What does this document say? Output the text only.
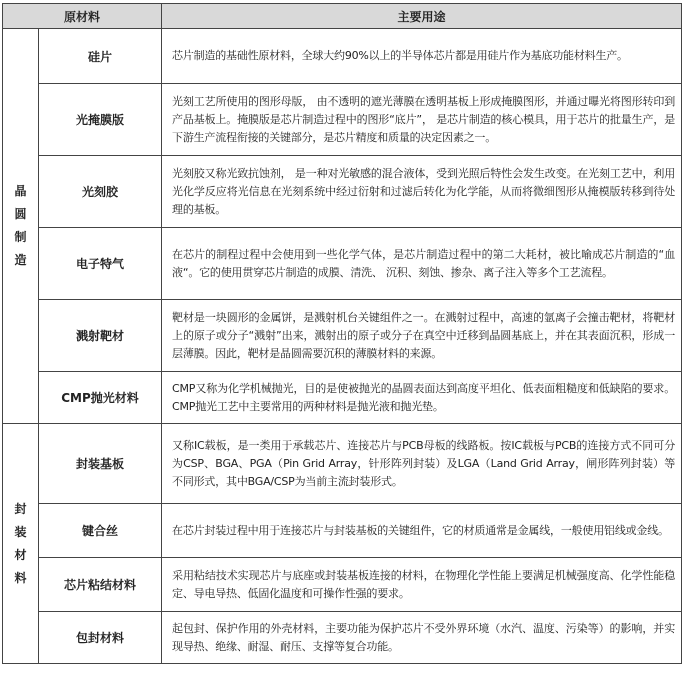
原材料		主要用途

晶
圆
制
造	硅片	芯片制造的基础性原材料，全球大约90%以上的半导体芯片都是用硅片作为基底功能材料生产。
	光掩膜版	光刻工艺所使用的图形母版， 由不透明的遮光薄膜在透明基板上形成掩膜图形，并通过曝光将图形转印到产品基板上。掩膜版是芯片制造过程中的图形“底片”， 是芯片制造的核心模具，用于芯片的批量生产，是下游生产流程衔接的关键部分，是芯片精度和质量的决定因素之一。
	光刻胶	光刻胶又称光致抗蚀剂， 是一种对光敏感的混合液体，受到光照后特性会发生改变。在光刻工艺中，利用光化学反应将光信息在光刻系统中经过衍射和过滤后转化为化学能，从而将微细图形从掩模版转移到待处理的基板。
	电子特气	在芯片的制程过程中会使用到一些化学气体，是芯片制造过程中的第二大耗材，被比喻成芯片制造的“血液“。它的使用贯穿芯片制造的成膜、清洗、 沉积、刻蚀、掺杂、离子注入等多个工艺流程。
	溅射靶材	靶材是一块圆形的金属饼，是溅射机台关键组件之一。在溅射过程中，高速的氩离子会撞击靶材，将靶材上的原子或分子“溅射”出来，溅射出的原子或分子在真空中迁移到晶圆基底上，并在其表面沉积，形成一层薄膜。因此，靶材是晶圆需要沉积的薄膜材料的来源。
	CMP抛光材料	CMP又称为化学机械抛光，目的是使被抛光的晶圆表面达到高度平坦化、低表面粗糙度和低缺陷的要求。CMP抛光工艺中主要常用的两种材料是抛光液和抛光垫。

封
装
材
料	封装基板	又称IC载板，是一类用于承载芯片、连接芯片与PCB母板的线路板。按IC载板与PCB的连接方式不同可分为CSP、BGA、PGA（Pin Grid Array，针形阵列封装）及LGA（Land Grid Array，闸形阵列封装）等不同形式，其中BGA/CSP为当前主流封装形式。
	键合丝	在芯片封装过程中用于连接芯片与封装基板的关键组件，它的材质通常是金属线，一般使用铝线或金线。
	芯片粘结材料	采用粘结技术实现芯片与底座或封装基板连接的材料，在物理化学性能上要满足机械强度高、化学性能稳定、导电导热、低固化温度和可操作性强的要求。
	包封材料	起包封、保护作用的外壳材料，主要功能为保护芯片不受外界环境（水汽、温度、污染等）的影响，并实现导热、绝缘、耐湿、耐压、支撑等复合功能。
